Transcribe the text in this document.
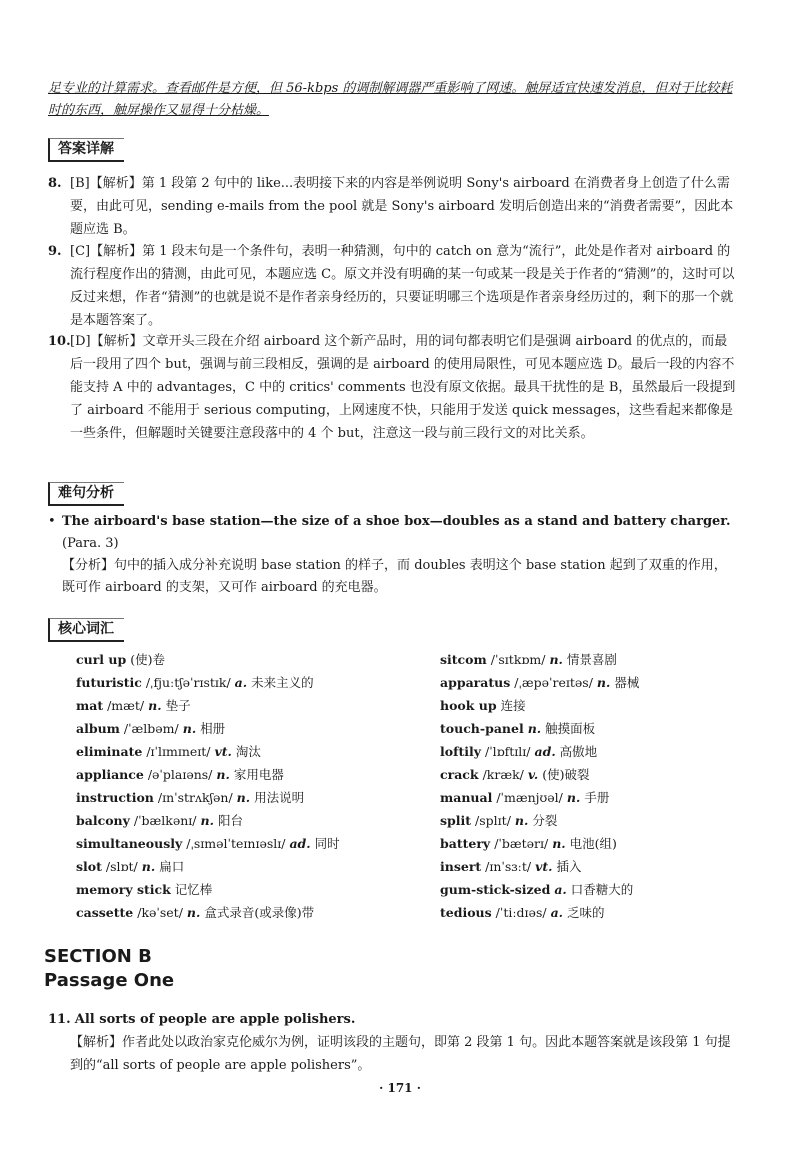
足专业的计算需求。查看邮件是方便，但 56-kbps 的调制解调器严重影响了网速。触屏适宜快速发消息，但对于比较耗时的东西，触屏操作又显得十分枯燥。
答案详解
8. [B]【解析】第 1 段第 2 句中的 like...表明接下来的内容是举例说明 Sony's airboard 在消费者身上创造了什么需要，由此可见，sending e-mails from the pool 就是 Sony's airboard 发明后创造出来的“消费者需要”，因此本题应选 B。
9. [C]【解析】第 1 段末句是一个条件句，表明一种猜测，句中的 catch on 意为“流行”，此处是作者对 airboard 的流行程度作出的猜测，由此可见，本题应选 C。原文并没有明确的某一句或某一段是关于作者的“猜测”的，这时可以反过来想，作者“猜测”的也就是说不是作者亲身经历的，只要证明哪三个选项是作者亲身经历过的，剩下的那一个就是本题答案了。
10. [D]【解析】文章开头三段在介绍 airboard 这个新产品时，用的词句都表明它们是强调 airboard 的优点的，而最后一段用了四个 but，强调与前三段相反，强调的是 airboard 的使用局限性，可见本题应选 D。最后一段的内容不能支持 A 中的 advantages，C 中的 critics' comments 也没有原文依据。最具干扰性的是 B，虽然最后一段提到了 airboard 不能用于 serious computing，上网速度不快，只能用于发送 quick messages，这些看起来都像是一些条件，但解题时关键要注意段落中的 4 个 but，注意这一段与前三段行文的对比关系。
难句分析
• The airboard's base station—the size of a shoe box—doubles as a stand and battery charger.
(Para. 3)
【分析】句中的插入成分补充说明 base station 的样子，而 doubles 表明这个 base station 起到了双重的作用，既可作 airboard 的支架，又可作 airboard 的充电器。
核心词汇
curl up (使)卷
futuristic /ˌfjuːtʃəˈrɪstɪk/ a. 未来主义的
mat /mæt/ n. 垫子
album /ˈælbəm/ n. 相册
eliminate /ɪˈlɪmɪneɪt/ vt. 淘汰
appliance /əˈplaɪəns/ n. 家用电器
instruction /ɪnˈstrʌkʃən/ n. 用法说明
balcony /ˈbælkənɪ/ n. 阳台
simultaneously /ˌsɪməlˈteɪnɪəslɪ/ ad. 同时
slot /slɒt/ n. 扁口
memory stick 记忆棒
cassette /kəˈset/ n. 盒式录音(或录像)带
sitcom /ˈsɪtkɒm/ n. 情景喜剧
apparatus /ˌæpəˈreɪtəs/ n. 器械
hook up 连接
touch-panel n. 触摸面板
loftily /ˈlɒftɪlɪ/ ad. 高傲地
crack /kræk/ v. (使)破裂
manual /ˈmænjʊəl/ n. 手册
split /splɪt/ n. 分裂
battery /ˈbætərɪ/ n. 电池(组)
insert /ɪnˈsɜːt/ vt. 插入
gum-stick-sized a. 口香糖大的
tedious /ˈtiːdɪəs/ a. 乏味的
SECTION B
Passage One
11. All sorts of people are apple polishers.
【解析】作者此处以政治家克伦威尔为例，证明该段的主题句，即第 2 段第 1 句。因此本题答案就是该段第 1 句提到的“all sorts of people are apple polishers”。
· 171 ·
